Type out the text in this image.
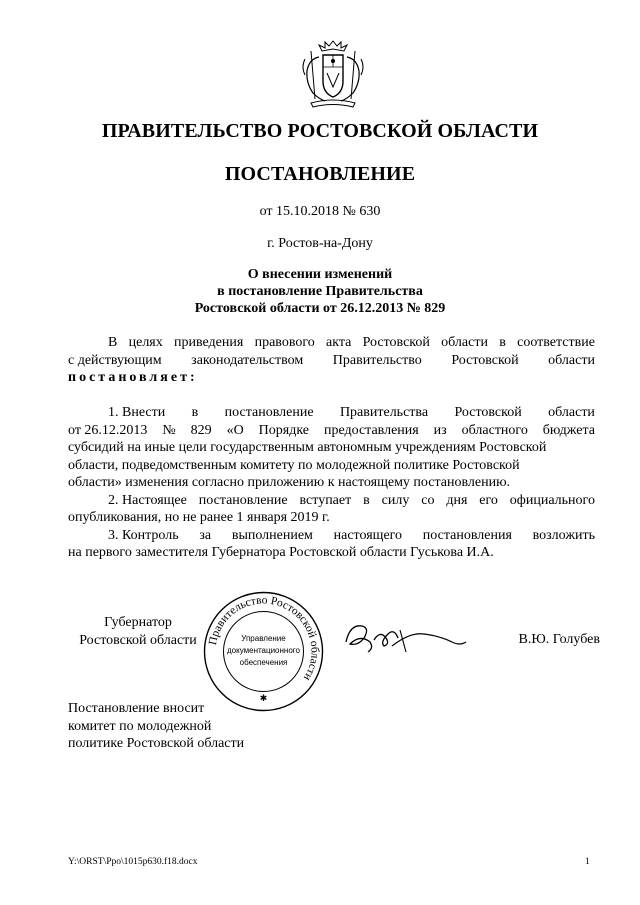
ПРАВИТЕЛЬСТВО РОСТОВСКОЙ ОБЛАСТИ
ПОСТАНОВЛЕНИЕ
от 15.10.2018 № 630
г. Ростов-на-Дону
О внесении изменений
в постановление Правительства
Ростовской области от 26.12.2013 № 829
В целях приведения правового акта Ростовской области в соответствие
с действующим законодательством Правительство Ростовской области
постановляет:
1. Внести в постановление Правительства Ростовской области
от 26.12.2013 № 829 «О Порядке предоставления из областного бюджета
субсидий на иные цели государственным автономным учреждениям Ростовской
области, подведомственным комитету по молодежной политике Ростовской
области» изменения согласно приложению к настоящему постановлению.
2. Настоящее постановление вступает в силу со дня его официального
опубликования, но не ранее 1 января 2019 г.
3. Контроль за выполнением настоящего постановления возложить
на первого заместителя Губернатора Ростовской области Гуськова И.А.
Губернатор
Ростовской области Правительство Ростовской области
Управление
документационного
обеспечения
✱
В.Ю. Голубев
Постановление вносит
комитет по молодежной
политике Ростовской области
Y:\ORST\Ppo\1015p630.f18.docx	1
